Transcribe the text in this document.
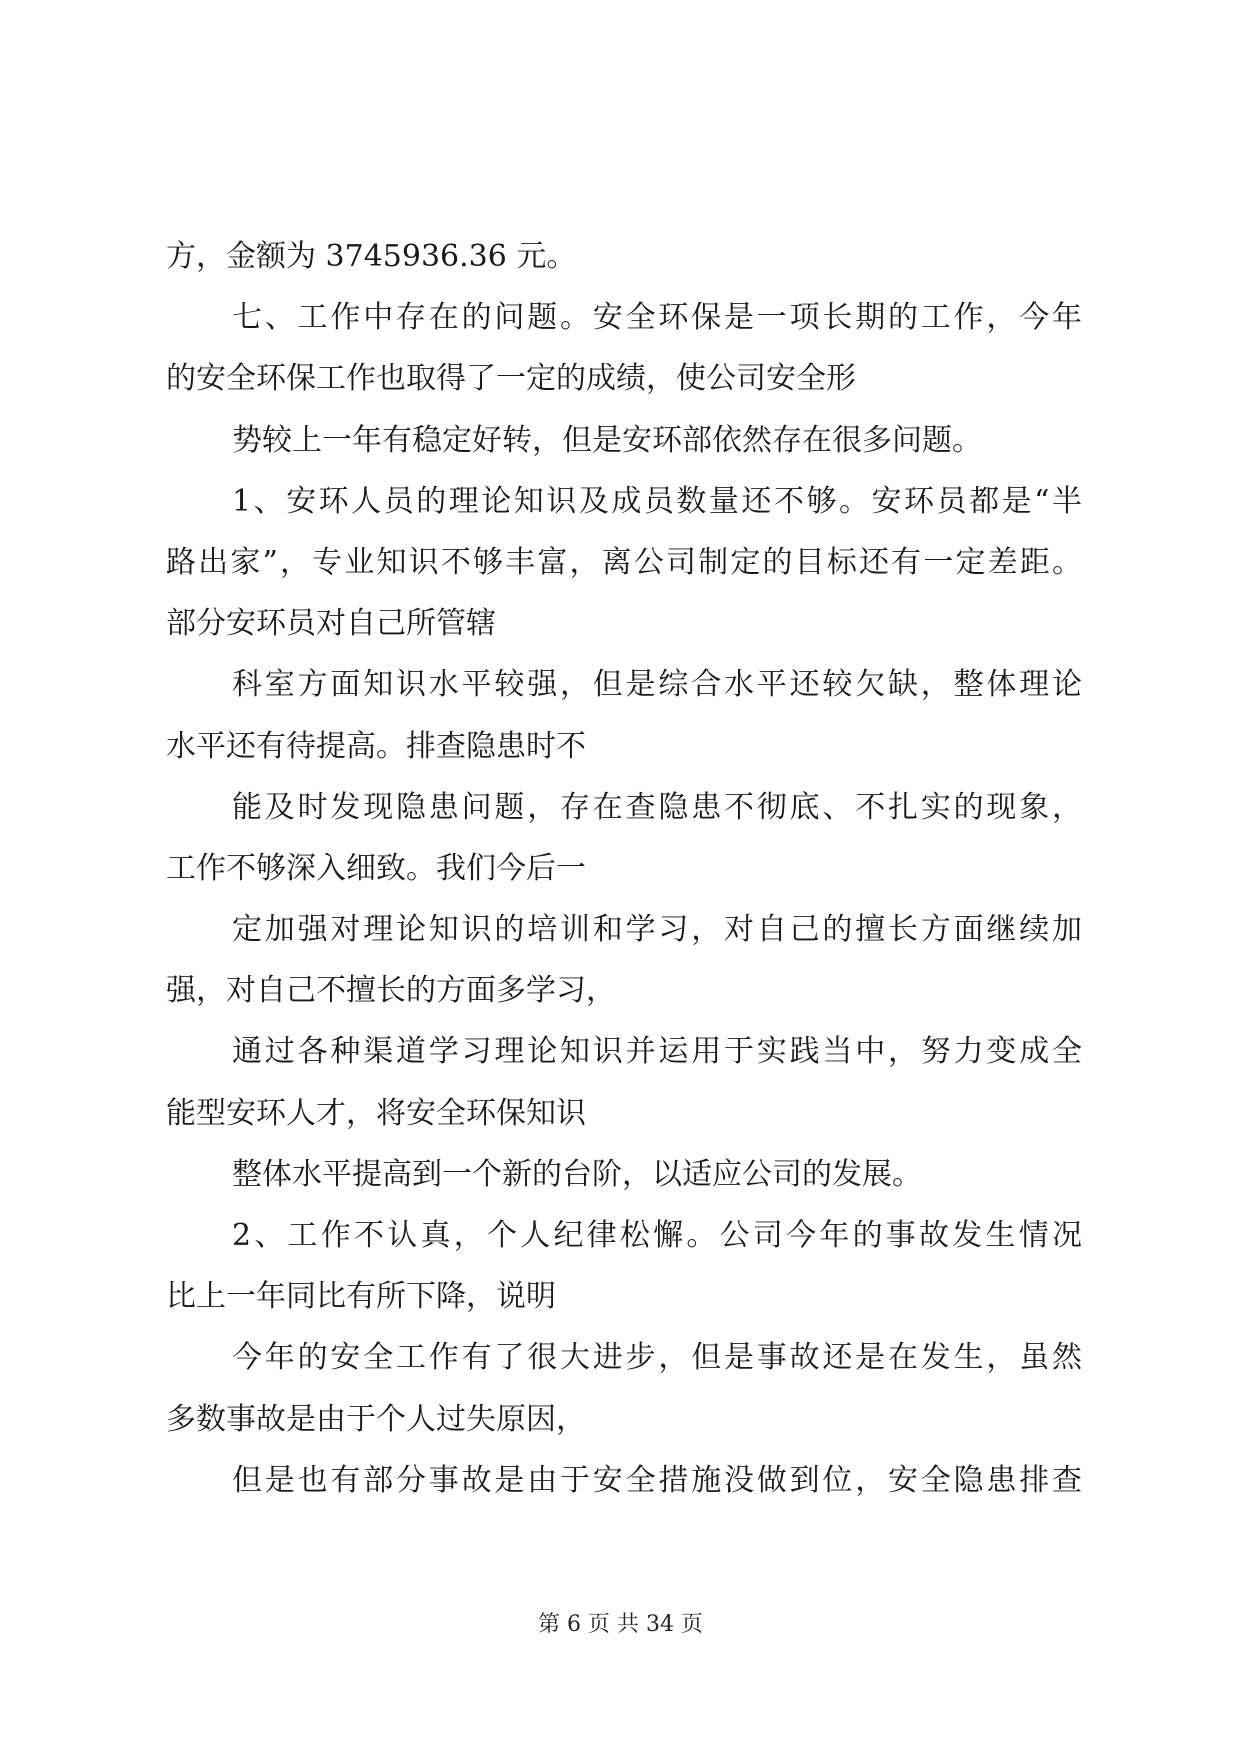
方，金额为 3745936.36 元。
七、工作中存在的问题。安全环保是一项长期的工作，今年
的安全环保工作也取得了一定的成绩，使公司安全形
势较上一年有稳定好转，但是安环部依然存在很多问题。
1、安环人员的理论知识及成员数量还不够。安环员都是“半
路出家”，专业知识不够丰富，离公司制定的目标还有一定差距。
部分安环员对自己所管辖
科室方面知识水平较强，但是综合水平还较欠缺，整体理论
水平还有待提高。排查隐患时不
能及时发现隐患问题，存在查隐患不彻底、不扎实的现象，
工作不够深入细致。我们今后一
定加强对理论知识的培训和学习，对自己的擅长方面继续加
强，对自己不擅长的方面多学习，
通过各种渠道学习理论知识并运用于实践当中，努力变成全
能型安环人才，将安全环保知识
整体水平提高到一个新的台阶，以适应公司的发展。
2、工作不认真，个人纪律松懈。公司今年的事故发生情况
比上一年同比有所下降，说明
今年的安全工作有了很大进步，但是事故还是在发生，虽然
多数事故是由于个人过失原因，
但是也有部分事故是由于安全措施没做到位，安全隐患排查
第 6 页 共 34 页
